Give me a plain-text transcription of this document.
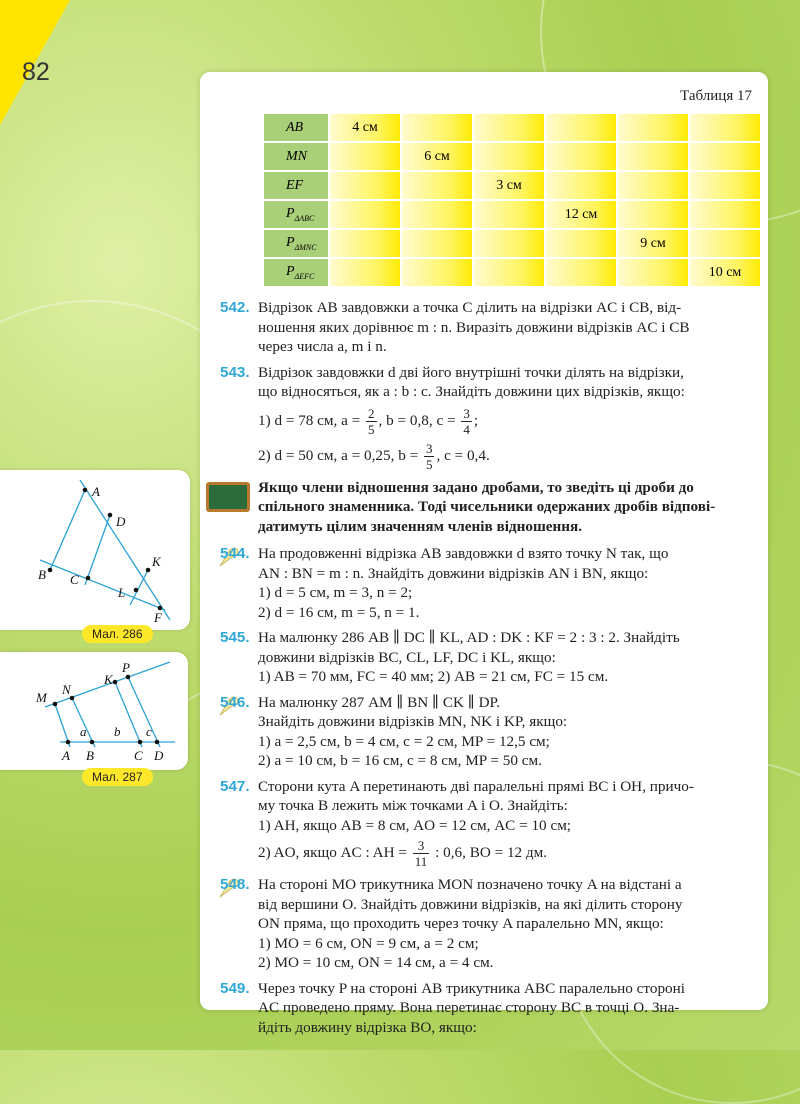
82
A
D
K
B C
L
F
Мал. 286
M
N
K
P
A B	C D
a b c
Мал. 287
Таблиця 17
AB	4 см					
MN		6 см				
EF			3 см			
$P_{\Delta ABC}$				12 см		
$P_{\Delta MNC}$					9 см	
$P_{\Delta EFC}$						10 см
542. Відрізок AB завдовжки a точка C ділить на відрізки AC і CB, від-
ношення яких дорівнює m : n. Виразіть довжини відрізків AC і CB
через числа a, m і n.
543. Відрізок завдовжки d дві його внутрішні точки ділять на відрізки,
що відносяться, як a : b : c. Знайдіть довжини цих відрізків, якщо:
1) d = 78 см, $a = \frac{2}{5}$ , b = 0,8, $c = \frac{3}{4}$ ;
2) d = 50 см, a = 0,25, $b = \frac{3}{5}$ , c = 0,4.
Якщо члени відношення задано дробами, то зведіть ці дроби до спільного знаменника. Тоді чисельники одержаних дробів відпові- датимуть цілим значенням членів відношення.
544. На продовженні відрізка AB завдовжки d взято точку N так, що
AN : BN = m : n. Знайдіть довжини відрізків AN і BN, якщо:
1) d = 5 см, m = 3, n = 2;
2) d = 16 см, m = 5, n = 1.
545. На малюнку 286 AB ∥ DC ∥ KL, AD : DK : KF = 2 : 3 : 2. Знайдіть
довжини відрізків BC, CL, LF, DC і KL, якщо:
1) AB = 70 мм, FC = 40 мм; 2) AB = 21 см, FC = 15 см.
546. На малюнку 287 AM ∥ BN ∥ CK ∥ DP.
Знайдіть довжини відрізків MN, NK і KP, якщо:
1) a = 2,5 см, b = 4 см, c = 2 см, MP = 12,5 см;
2) a = 10 см, b = 16 см, c = 8 см, MP = 50 см.
547. Сторони кута A перетинають дві паралельні прямі BC і OH, причо-
му точка B лежить між точками A і O. Знайдіть:
1) AH, якщо AB = 8 см, AO = 12 см, AC = 10 см;
2) AO, якщо AC : AH = $\frac{3}{11}$ : 0,6, BO = 12 дм.
548. На стороні MO трикутника MON позначено точку A на відстані a
від вершини O. Знайдіть довжини відрізків, на які ділить сторону
ON пряма, що проходить через точку A паралельно MN, якщо:
1) MO = 6 см, ON = 9 см, a = 2 см;
2) MO = 10 см, ON = 14 см, a = 4 см.
549. Через точку P на стороні AB трикутника ABC паралельно стороні
AC проведено пряму. Вона перетинає сторону BC в точці O. Зна-
йдіть довжину відрізка BO, якщо:
